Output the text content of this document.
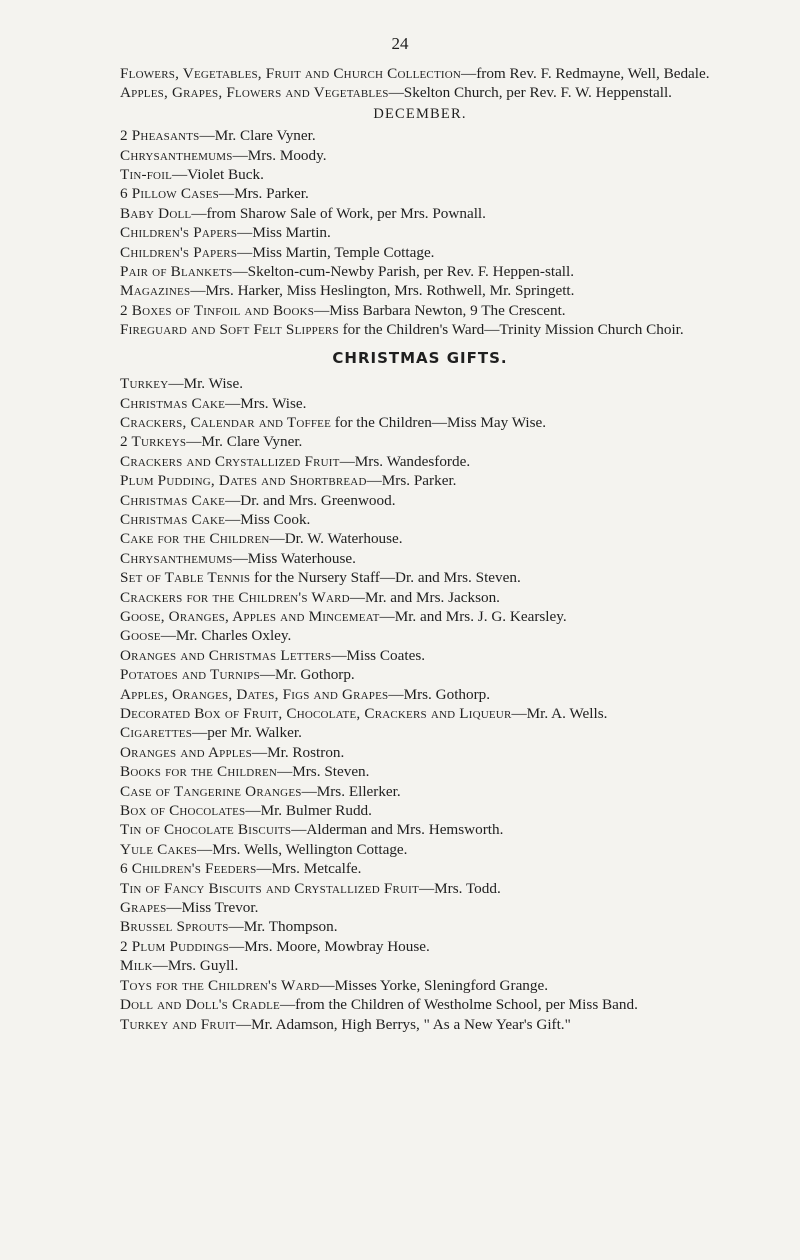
24
Flowers, Vegetables, Fruit and Church Collection—from Rev. F. Redmayne, Well, Bedale.
Apples, Grapes, Flowers and Vegetables—Skelton Church, per Rev. F. W. Heppenstall.
DECEMBER.
2 Pheasants—Mr. Clare Vyner.
Chrysanthemums—Mrs. Moody.
Tin-foil—Violet Buck.
6 Pillow Cases—Mrs. Parker.
Baby Doll—from Sharow Sale of Work, per Mrs. Pownall.
Children's Papers—Miss Martin.
Children's Papers—Miss Martin, Temple Cottage.
Pair of Blankets—Skelton-cum-Newby Parish, per Rev. F. Heppen-stall.
Magazines—Mrs. Harker, Miss Heslington, Mrs. Rothwell, Mr. Springett.
2 Boxes of Tinfoil and Books—Miss Barbara Newton, 9 The Crescent.
Fireguard and Soft Felt Slippers for the Children's Ward—Trinity Mission Church Choir.
CHRISTMAS GIFTS.
Turkey—Mr. Wise.
Christmas Cake—Mrs. Wise.
Crackers, Calendar and Toffee for the Children—Miss May Wise.
2 Turkeys—Mr. Clare Vyner.
Crackers and Crystallized Fruit—Mrs. Wandesforde.
Plum Pudding, Dates and Shortbread—Mrs. Parker.
Christmas Cake—Dr. and Mrs. Greenwood.
Christmas Cake—Miss Cook.
Cake for the Children—Dr. W. Waterhouse.
Chrysanthemums—Miss Waterhouse.
Set of Table Tennis for the Nursery Staff—Dr. and Mrs. Steven.
Crackers for the Children's Ward—Mr. and Mrs. Jackson.
Goose, Oranges, Apples and Mincemeat—Mr. and Mrs. J. G. Kearsley.
Goose—Mr. Charles Oxley.
Oranges and Christmas Letters—Miss Coates.
Potatoes and Turnips—Mr. Gothorp.
Apples, Oranges, Dates, Figs and Grapes—Mrs. Gothorp.
Decorated Box of Fruit, Chocolate, Crackers and Liqueur—Mr. A. Wells.
Cigarettes—per Mr. Walker.
Oranges and Apples—Mr. Rostron.
Books for the Children—Mrs. Steven.
Case of Tangerine Oranges—Mrs. Ellerker.
Box of Chocolates—Mr. Bulmer Rudd.
Tin of Chocolate Biscuits—Alderman and Mrs. Hemsworth.
Yule Cakes—Mrs. Wells, Wellington Cottage.
6 Children's Feeders—Mrs. Metcalfe.
Tin of Fancy Biscuits and Crystallized Fruit—Mrs. Todd.
Grapes—Miss Trevor.
Brussel Sprouts—Mr. Thompson.
2 Plum Puddings—Mrs. Moore, Mowbray House.
Milk—Mrs. Guyll.
Toys for the Children's Ward—Misses Yorke, Sleningford Grange.
Doll and Doll's Cradle—from the Children of Westholme School, per Miss Band.
Turkey and Fruit—Mr. Adamson, High Berrys, " As a New Year's Gift."
